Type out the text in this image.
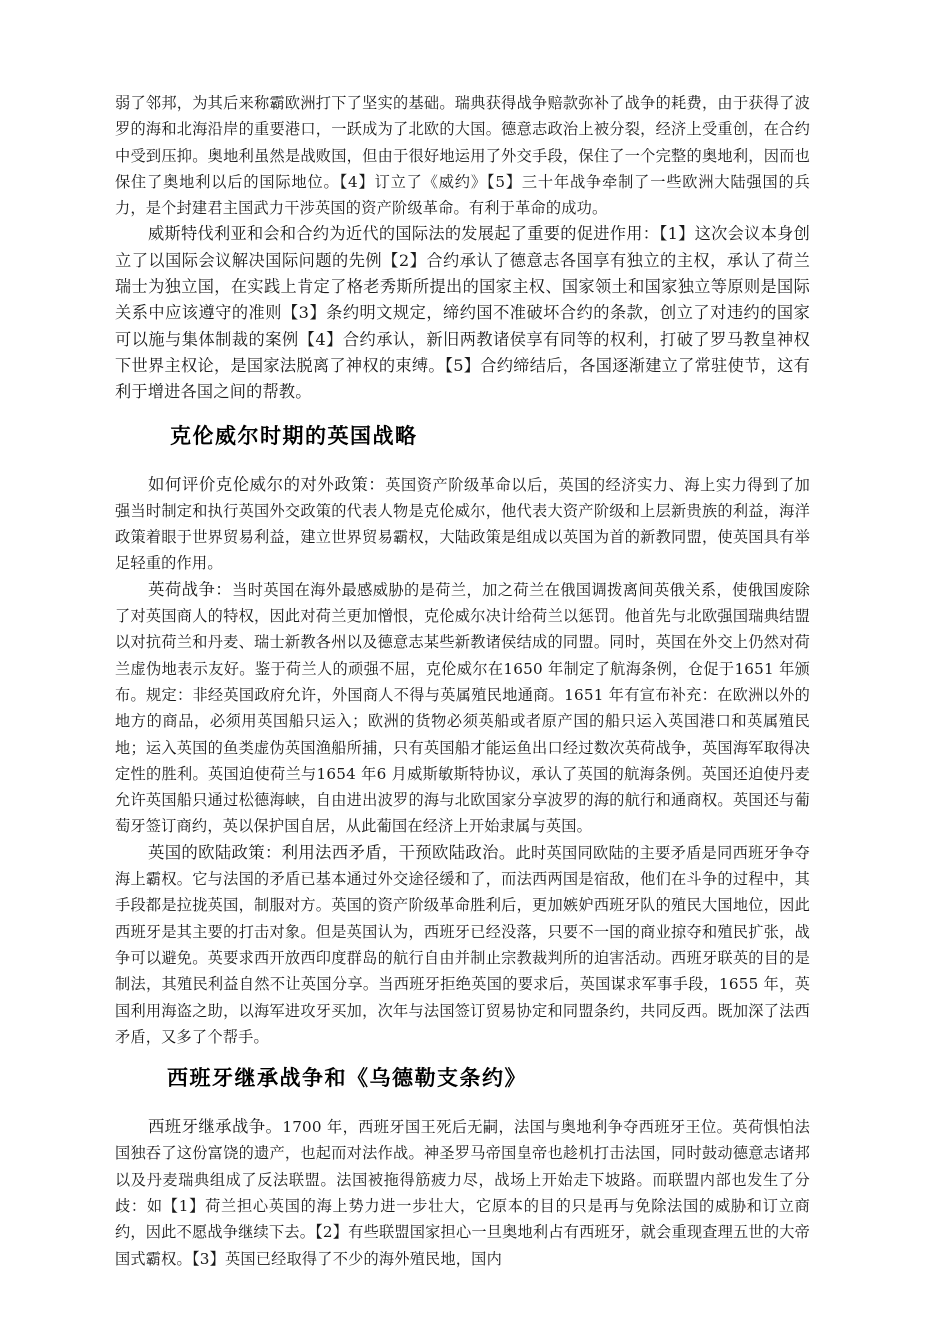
弱了邻邦，为其后来称霸欧洲打下了坚实的基础。瑞典获得战争赔款弥补了战争的耗费，由于获得了波罗的海和北海沿岸的重要港口，一跃成为了北欧的大国。德意志政治上被分裂，经济上受重创，在合约中受到压抑。奥地利虽然是战败国，但由于很好地运用了外交手段，保住了一个完整的奥地利，因而也保住了奥地利以后的国际地位。【4】订立了《威约》【5】三十年战争牵制了一些欧洲大陆强国的兵力，是个封建君主国武力干涉英国的资产阶级革命。有利于革命的成功。

威斯特伐利亚和会和合约为近代的国际法的发展起了重要的促进作用：【1】这次会议本身创立了以国际会议解决国际问题的先例【2】合约承认了德意志各国享有独立的主权，承认了荷兰瑞士为独立国，在实践上肯定了格老秀斯所提出的国家主权、国家领土和国家独立等原则是国际关系中应该遵守的准则【3】条约明文规定，缔约国不准破坏合约的条款，创立了对违约的国家可以施与集体制裁的案例【4】合约承认，新旧两教诸侯享有同等的权利，打破了罗马教皇神权下世界主权论，是国家法脱离了神权的束缚。【5】合约缔结后，各国逐渐建立了常驻使节，这有利于增进各国之间的帮教。

克伦威尔时期的英国战略

如何评价克伦威尔的对外政策：英国资产阶级革命以后，英国的经济实力、海上实力得到了加强当时制定和执行英国外交政策的代表人物是克伦威尔，他代表大资产阶级和上层新贵族的利益，海洋政策着眼于世界贸易利益，建立世界贸易霸权，大陆政策是组成以英国为首的新教同盟，使英国具有举足轻重的作用。

英荷战争：当时英国在海外最感威胁的是荷兰，加之荷兰在俄国调拨离间英俄关系，使俄国废除了对英国商人的特权，因此对荷兰更加憎恨，克伦威尔决计给荷兰以惩罚。他首先与北欧强国瑞典结盟以对抗荷兰和丹麦、瑞士新教各州以及德意志某些新教诸侯结成的同盟。同时，英国在外交上仍然对荷兰虚伪地表示友好。鉴于荷兰人的顽强不屈，克伦威尔在1650 年制定了航海条例，仓促于1651 年颁布。规定：非经英国政府允许，外国商人不得与英属殖民地通商。1651 年有宣布补充：在欧洲以外的地方的商品，必须用英国船只运入；欧洲的货物必须英船或者原产国的船只运入英国港口和英属殖民地；运入英国的鱼类虚伪英国渔船所捕，只有英国船才能运鱼出口经过数次英荷战争，英国海军取得决定性的胜利。英国迫使荷兰与1654 年6 月威斯敏斯特协议，承认了英国的航海条例。英国还迫使丹麦允许英国船只通过松德海峡，自由进出波罗的海与北欧国家分享波罗的海的航行和通商权。英国还与葡萄牙签订商约，英以保护国自居，从此葡国在经济上开始隶属与英国。

英国的欧陆政策：利用法西矛盾，干预欧陆政治。此时英国同欧陆的主要矛盾是同西班牙争夺海上霸权。它与法国的矛盾已基本通过外交途径缓和了，而法西两国是宿敌，他们在斗争的过程中，其手段都是拉拢英国，制服对方。英国的资产阶级革命胜利后，更加嫉妒西班牙队的殖民大国地位，因此西班牙是其主要的打击对象。但是英国认为，西班牙已经没落，只要不一国的商业掠夺和殖民扩张，战争可以避免。英要求西开放西印度群岛的航行自由并制止宗教裁判所的迫害活动。西班牙联英的目的是制法，其殖民利益自然不让英国分享。当西班牙拒绝英国的要求后，英国谋求军事手段，1655 年，英国利用海盗之助，以海军进攻牙买加，次年与法国签订贸易协定和同盟条约，共同反西。既加深了法西矛盾，又多了个帮手。

西班牙继承战争和《乌德勒支条约》

西班牙继承战争。1700 年，西班牙国王死后无嗣，法国与奥地利争夺西班牙王位。英荷惧怕法国独吞了这份富饶的遗产，也起而对法作战。神圣罗马帝国皇帝也趁机打击法国，同时鼓动德意志诸邦以及丹麦瑞典组成了反法联盟。法国被拖得筋疲力尽，战场上开始走下坡路。而联盟内部也发生了分歧：如【1】荷兰担心英国的海上势力进一步壮大，它原本的目的只是再与免除法国的威胁和订立商约，因此不愿战争继续下去。【2】有些联盟国家担心一旦奥地利占有西班牙，就会重现查理五世的大帝国式霸权。【3】英国已经取得了不少的海外殖民地，国内
